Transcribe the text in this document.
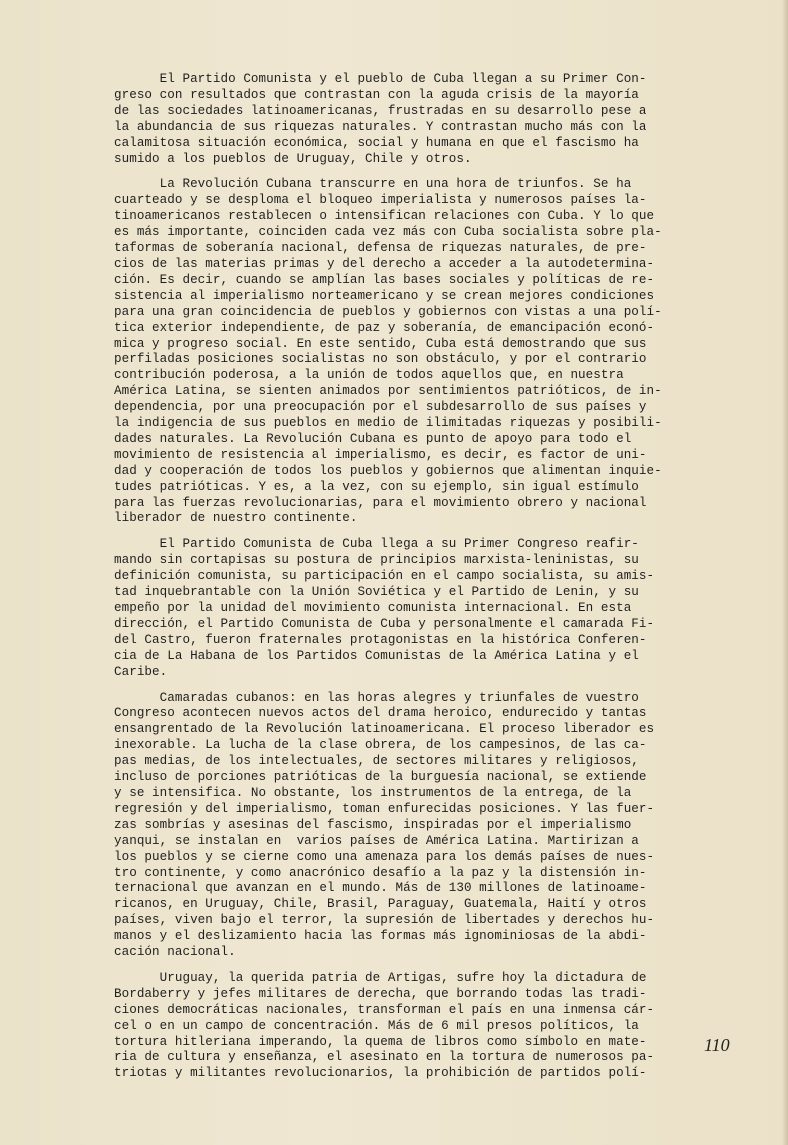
El Partido Comunista y el pueblo de Cuba llegan a su Primer Con-
greso con resultados que contrastan con la aguda crisis de la mayoría
de las sociedades latinoamericanas, frustradas en su desarrollo pese a
la abundancia de sus riquezas naturales. Y contrastan mucho más con la
calamitosa situación económica, social y humana en que el fascismo ha
sumido a los pueblos de Uruguay, Chile y otros.
La Revolución Cubana transcurre en una hora de triunfos. Se ha
cuarteado y se desploma el bloqueo imperialista y numerosos países la-
tinoamericanos restablecen o intensifican relaciones con Cuba. Y lo que
es más importante, coinciden cada vez más con Cuba socialista sobre pla-
taformas de soberanía nacional, defensa de riquezas naturales, de pre-
cios de las materias primas y del derecho a acceder a la autodetermina-
ción. Es decir, cuando se amplían las bases sociales y políticas de re-
sistencia al imperialismo norteamericano y se crean mejores condiciones
para una gran coincidencia de pueblos y gobiernos con vistas a una polí-
tica exterior independiente, de paz y soberanía, de emancipación econó-
mica y progreso social. En este sentido, Cuba está demostrando que sus
perfiladas posiciones socialistas no son obstáculo, y por el contrario
contribución poderosa, a la unión de todos aquellos que, en nuestra
América Latina, se sienten animados por sentimientos patrióticos, de in-
dependencia, por una preocupación por el subdesarrollo de sus países y
la indigencia de sus pueblos en medio de ilimitadas riquezas y posibili-
dades naturales. La Revolución Cubana es punto de apoyo para todo el
movimiento de resistencia al imperialismo, es decir, es factor de uni-
dad y cooperación de todos los pueblos y gobiernos que alimentan inquie-
tudes patrióticas. Y es, a la vez, con su ejemplo, sin igual estímulo
para las fuerzas revolucionarias, para el movimiento obrero y nacional
liberador de nuestro continente.
El Partido Comunista de Cuba llega a su Primer Congreso reafir-
mando sin cortapisas su postura de principios marxista-leninistas, su
definición comunista, su participación en el campo socialista, su amis-
tad inquebrantable con la Unión Soviética y el Partido de Lenin, y su
empeño por la unidad del movimiento comunista internacional. En esta
dirección, el Partido Comunista de Cuba y personalmente el camarada Fi-
del Castro, fueron fraternales protagonistas en la histórica Conferen-
cia de La Habana de los Partidos Comunistas de la América Latina y el
Caribe.
Camaradas cubanos: en las horas alegres y triunfales de vuestro
Congreso acontecen nuevos actos del drama heroico, endurecido y tantas
ensangrentado de la Revolución latinoamericana. El proceso liberador es
inexorable. La lucha de la clase obrera, de los campesinos, de las ca-
pas medias, de los intelectuales, de sectores militares y religiosos,
incluso de porciones patrióticas de la burguesía nacional, se extiende
y se intensifica. No obstante, los instrumentos de la entrega, de la
regresión y del imperialismo, toman enfurecidas posiciones. Y las fuer-
zas sombrías y asesinas del fascismo, inspiradas por el imperialismo
yanqui, se instalan en  varios países de América Latina. Martirizan a
los pueblos y se cierne como una amenaza para los demás países de nues-
tro continente, y como anacrónico desafío a la paz y la distensión in-
ternacional que avanzan en el mundo. Más de 130 millones de latinoame-
ricanos, en Uruguay, Chile, Brasil, Paraguay, Guatemala, Haití y otros
países, viven bajo el terror, la supresión de libertades y derechos hu-
manos y el deslizamiento hacia las formas más ignominiosas de la abdi-
cación nacional.
Uruguay, la querida patria de Artigas, sufre hoy la dictadura de
Bordaberry y jefes militares de derecha, que borrando todas las tradi-
ciones democráticas nacionales, transforman el país en una inmensa cár-
cel o en un campo de concentración. Más de 6 mil presos políticos, la
tortura hitleriana imperando, la quema de libros como símbolo en mate-
ria de cultura y enseñanza, el asesinato en la tortura de numerosos pa-
triotas y militantes revolucionarios, la prohibición de partidos polí-
110
